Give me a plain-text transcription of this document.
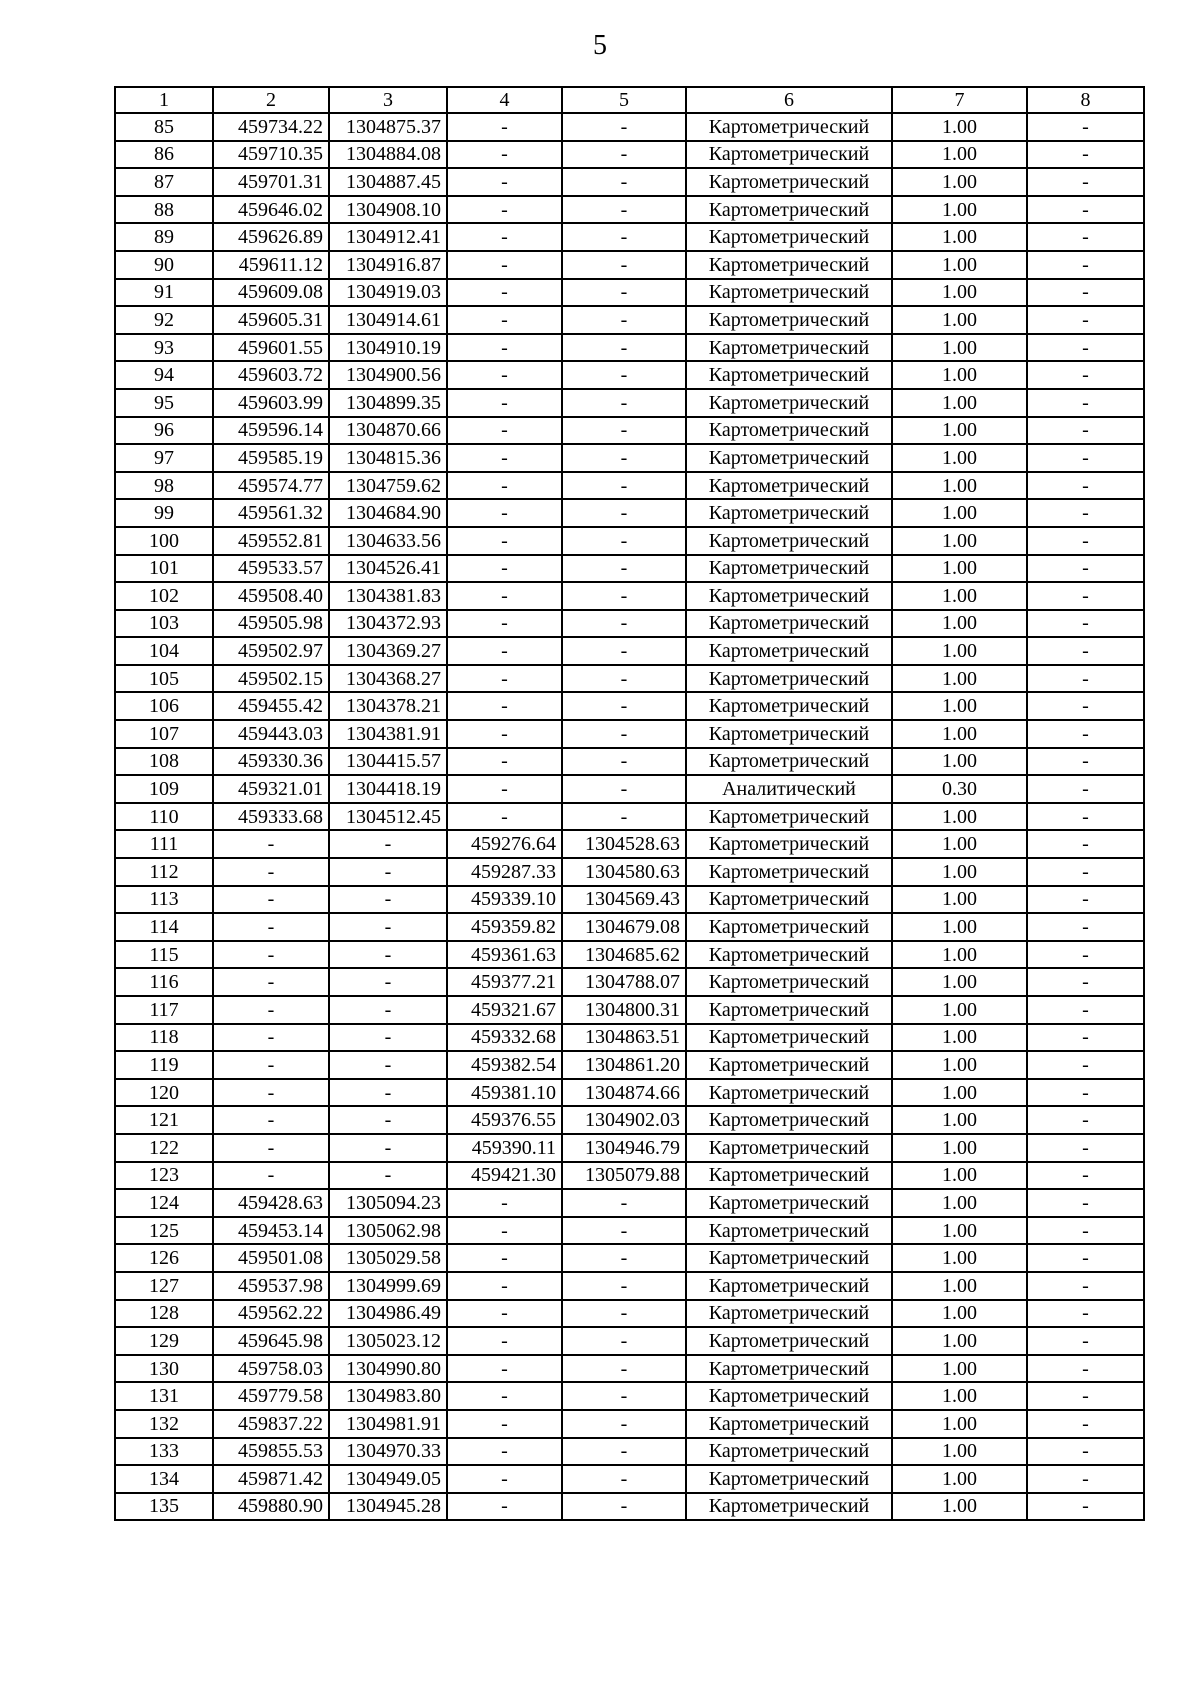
5
1	2	3	4	5	6	7	8
85	459734.22	1304875.37	-	-	Картометрический	1.00	-
86	459710.35	1304884.08	-	-	Картометрический	1.00	-
87	459701.31	1304887.45	-	-	Картометрический	1.00	-
88	459646.02	1304908.10	-	-	Картометрический	1.00	-
89	459626.89	1304912.41	-	-	Картометрический	1.00	-
90	459611.12	1304916.87	-	-	Картометрический	1.00	-
91	459609.08	1304919.03	-	-	Картометрический	1.00	-
92	459605.31	1304914.61	-	-	Картометрический	1.00	-
93	459601.55	1304910.19	-	-	Картометрический	1.00	-
94	459603.72	1304900.56	-	-	Картометрический	1.00	-
95	459603.99	1304899.35	-	-	Картометрический	1.00	-
96	459596.14	1304870.66	-	-	Картометрический	1.00	-
97	459585.19	1304815.36	-	-	Картометрический	1.00	-
98	459574.77	1304759.62	-	-	Картометрический	1.00	-
99	459561.32	1304684.90	-	-	Картометрический	1.00	-
100	459552.81	1304633.56	-	-	Картометрический	1.00	-
101	459533.57	1304526.41	-	-	Картометрический	1.00	-
102	459508.40	1304381.83	-	-	Картометрический	1.00	-
103	459505.98	1304372.93	-	-	Картометрический	1.00	-
104	459502.97	1304369.27	-	-	Картометрический	1.00	-
105	459502.15	1304368.27	-	-	Картометрический	1.00	-
106	459455.42	1304378.21	-	-	Картометрический	1.00	-
107	459443.03	1304381.91	-	-	Картометрический	1.00	-
108	459330.36	1304415.57	-	-	Картометрический	1.00	-
109	459321.01	1304418.19	-	-	Аналитический	0.30	-
110	459333.68	1304512.45	-	-	Картометрический	1.00	-
111	-	-	459276.64	1304528.63	Картометрический	1.00	-
112	-	-	459287.33	1304580.63	Картометрический	1.00	-
113	-	-	459339.10	1304569.43	Картометрический	1.00	-
114	-	-	459359.82	1304679.08	Картометрический	1.00	-
115	-	-	459361.63	1304685.62	Картометрический	1.00	-
116	-	-	459377.21	1304788.07	Картометрический	1.00	-
117	-	-	459321.67	1304800.31	Картометрический	1.00	-
118	-	-	459332.68	1304863.51	Картометрический	1.00	-
119	-	-	459382.54	1304861.20	Картометрический	1.00	-
120	-	-	459381.10	1304874.66	Картометрический	1.00	-
121	-	-	459376.55	1304902.03	Картометрический	1.00	-
122	-	-	459390.11	1304946.79	Картометрический	1.00	-
123	-	-	459421.30	1305079.88	Картометрический	1.00	-
124	459428.63	1305094.23	-	-	Картометрический	1.00	-
125	459453.14	1305062.98	-	-	Картометрический	1.00	-
126	459501.08	1305029.58	-	-	Картометрический	1.00	-
127	459537.98	1304999.69	-	-	Картометрический	1.00	-
128	459562.22	1304986.49	-	-	Картометрический	1.00	-
129	459645.98	1305023.12	-	-	Картометрический	1.00	-
130	459758.03	1304990.80	-	-	Картометрический	1.00	-
131	459779.58	1304983.80	-	-	Картометрический	1.00	-
132	459837.22	1304981.91	-	-	Картометрический	1.00	-
133	459855.53	1304970.33	-	-	Картометрический	1.00	-
134	459871.42	1304949.05	-	-	Картометрический	1.00	-
135	459880.90	1304945.28	-	-	Картометрический	1.00	-
